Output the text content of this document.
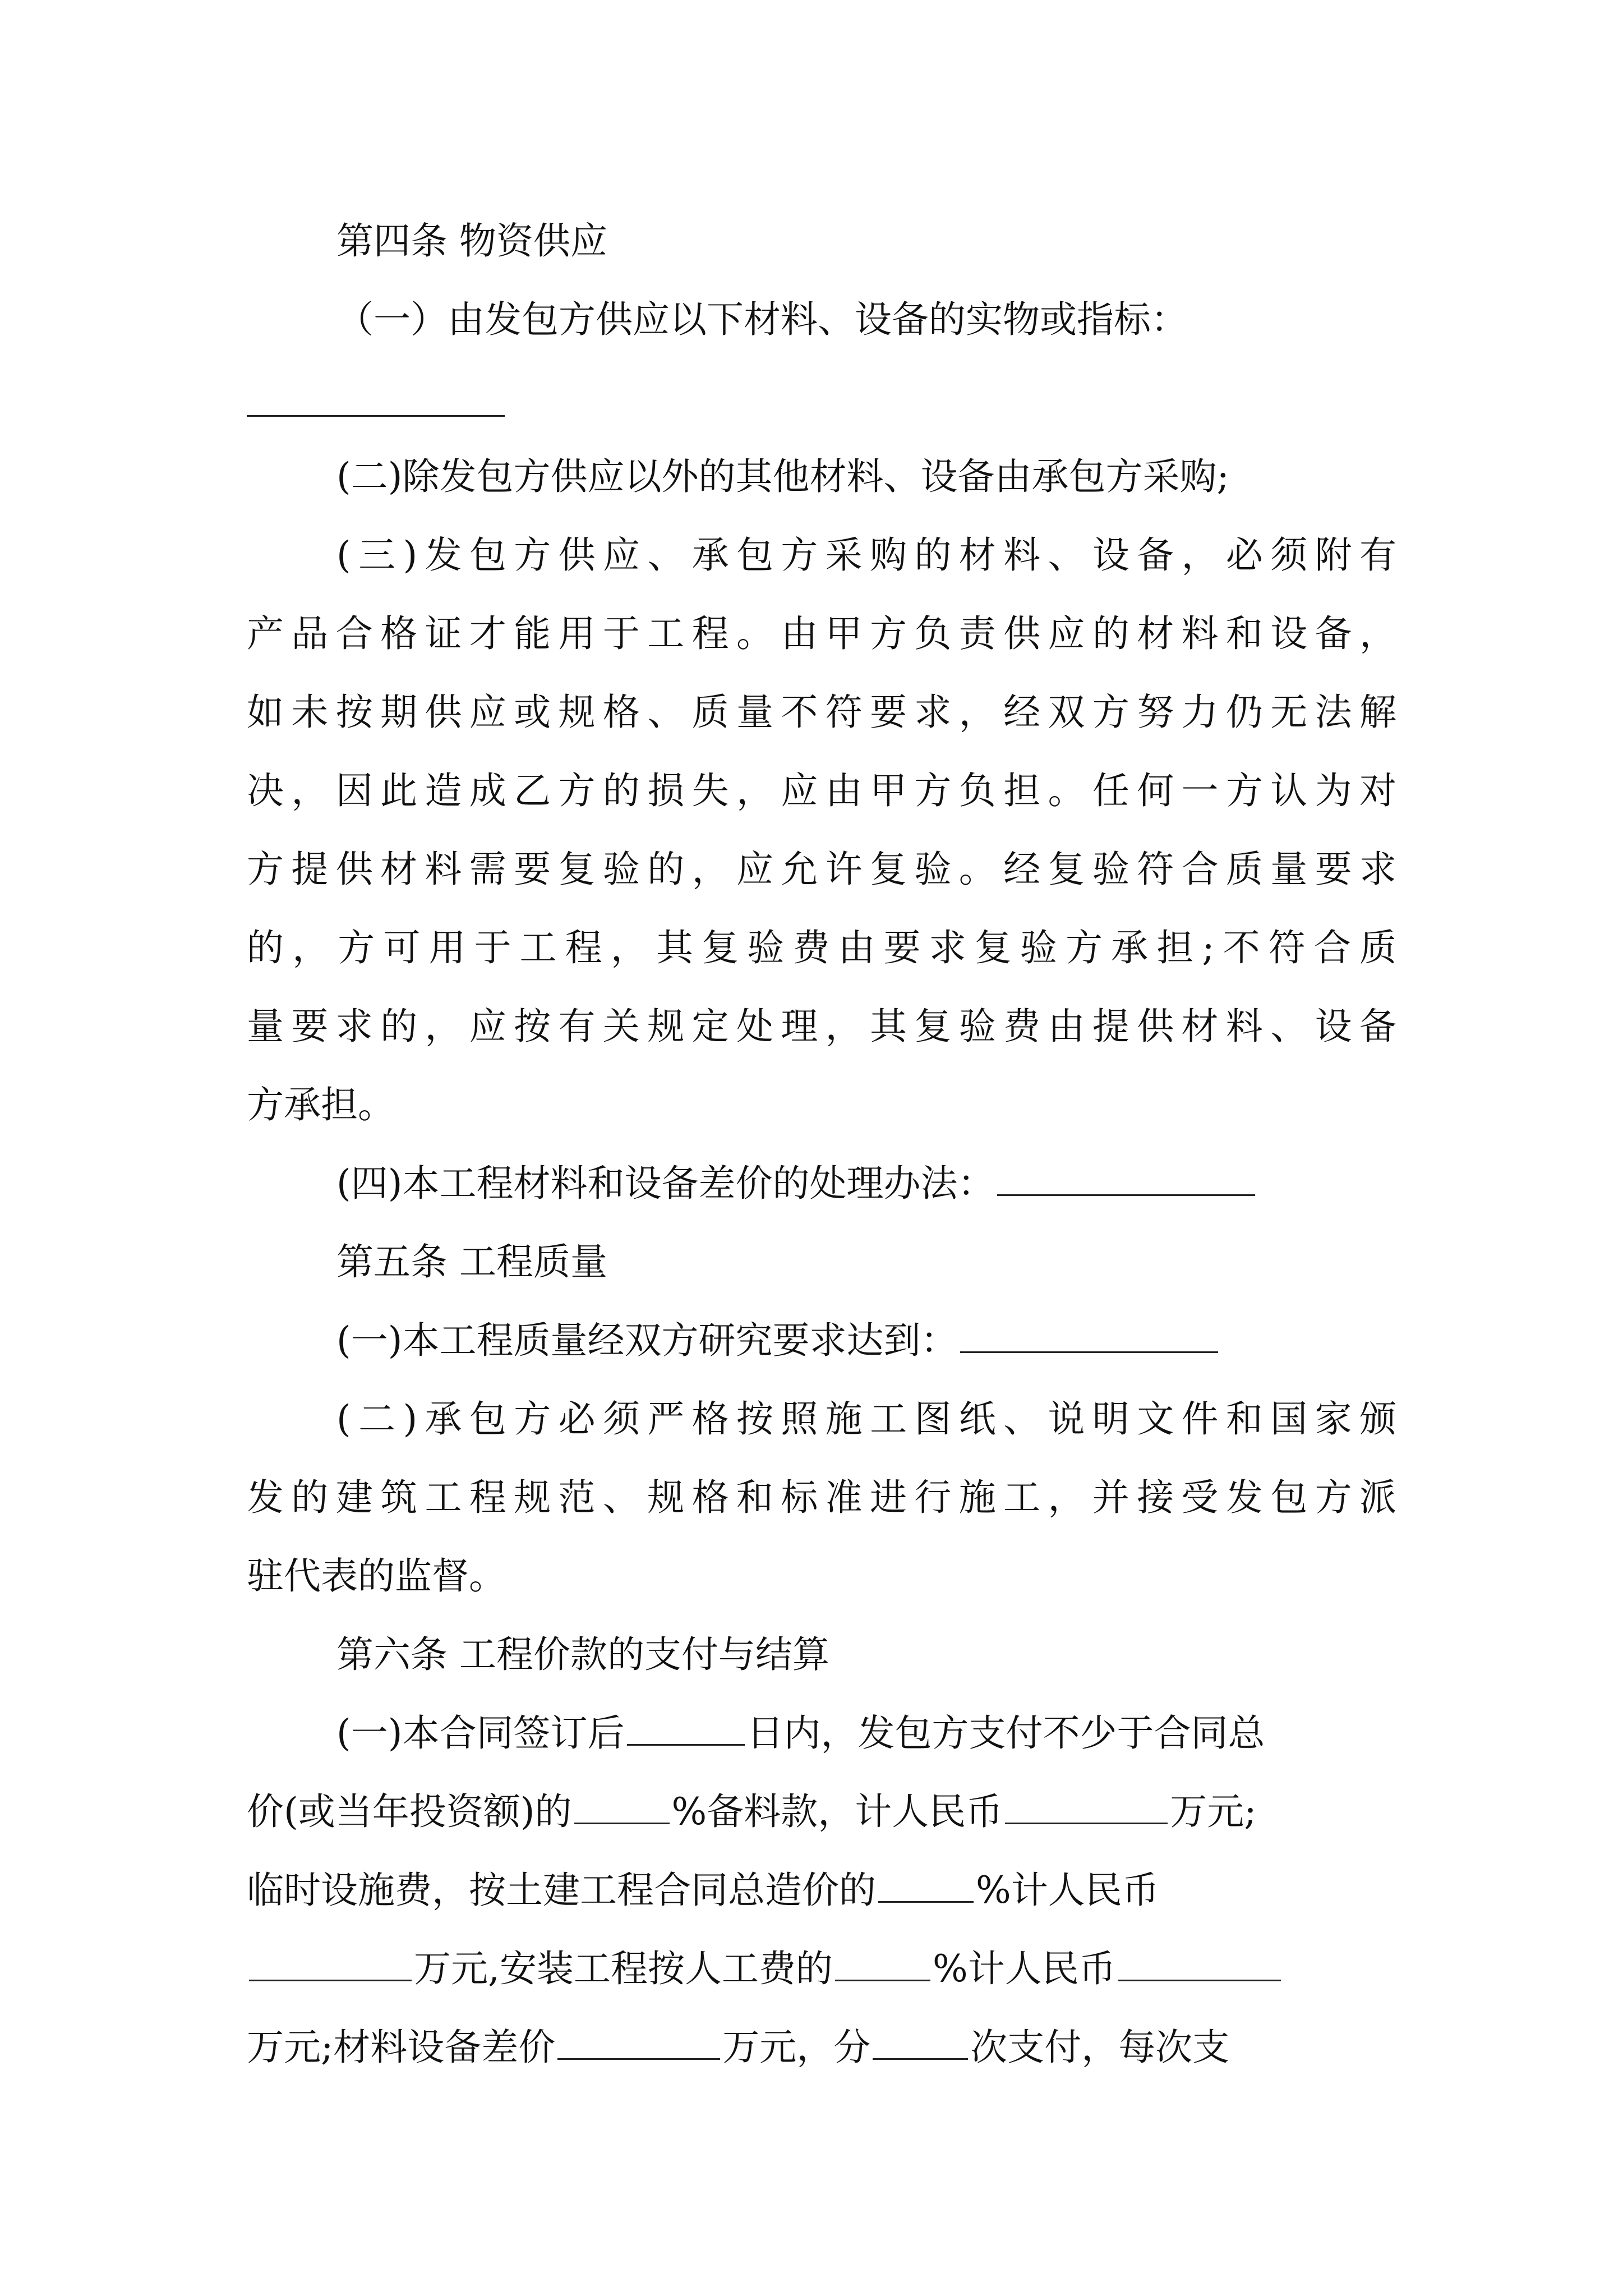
第四条 物资供应
（一）由发包方供应以下材料、设备的实物或指标：
(二)除发包方供应以外的其他材料、设备由承包方采购;
(三)发包方供应、承包方采购的材料、设备，必须附有
产品合格证才能用于工程。由甲方负责供应的材料和设备，
如未按期供应或规格、质量不符要求，经双方努力仍无法解
决，因此造成乙方的损失，应由甲方负担。任何一方认为对
方提供材料需要复验的，应允许复验。经复验符合质量要求
的，方可用于工程，其复验费由要求复验方承担;不符合质
量要求的，应按有关规定处理，其复验费由提供材料、设备
方承担。
(四)本工程材料和设备差价的处理办法：
第五条 工程质量
(一)本工程质量经双方研究要求达到：
(二)承包方必须严格按照施工图纸、说明文件和国家颁
发的建筑工程规范、规格和标准进行施工，并接受发包方派
驻代表的监督。
第六条 工程价款的支付与结算
(一)本合同签订后	日内，发包方支付不少于合同总
价(或当年投资额)的	%备料款，计人民币	万元;
临时设施费，按土建工程合同总造价的	%计人民币
万元,安装工程按人工费的	%计人民币
万元;材料设备差价	万元，分	次支付，每次支
